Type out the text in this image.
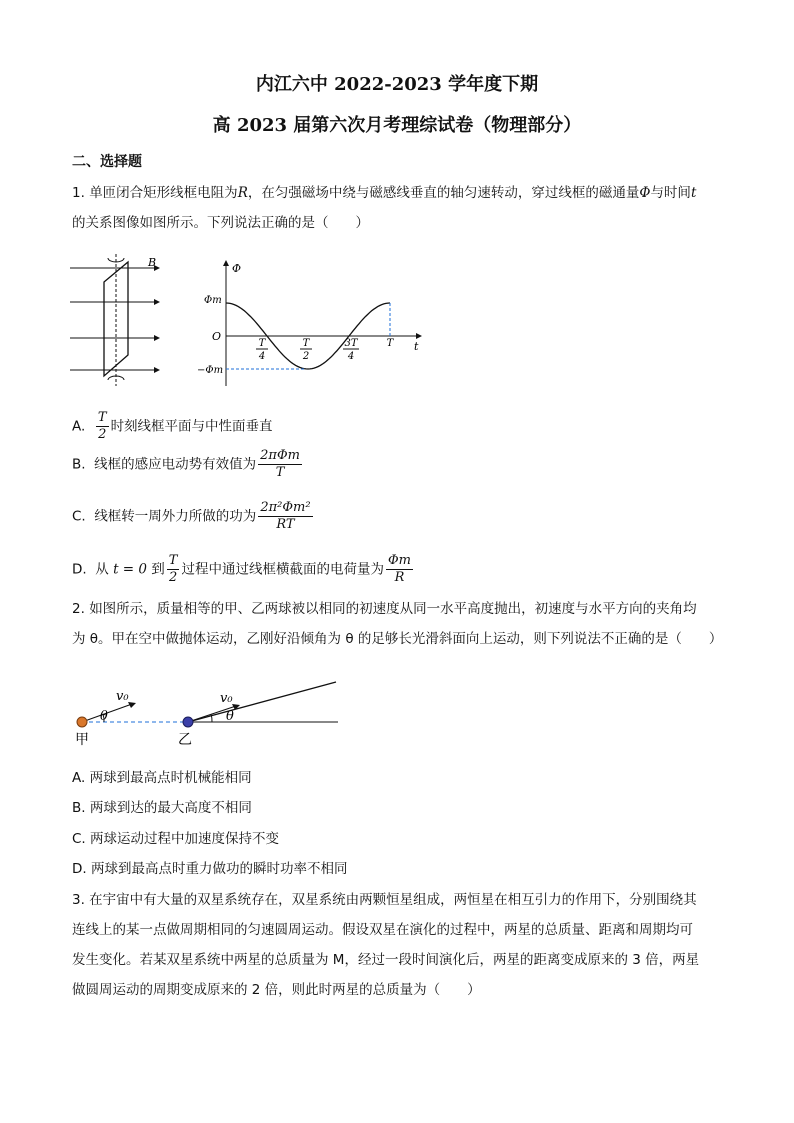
内江六中 2022-2023 学年度下期
高 2023 届第六次月考理综试卷（物理部分）
二、选择题
1. 单匝闭合矩形线框电阻为R，在匀强磁场中绕与磁感线垂直的轴匀速转动，穿过线框的磁通量Φ与时间t
的关系图像如图所示。下列说法正确的是（　　）
B	Φ
t
O
Φm
−Φm
T
4
T
2
3T
4
T
A. $\frac{T}{2}$ 时刻线框平面与中性面垂直
B. 线框的感应电动势有效值为 $\frac{\text{2πΦm}}{T}$
C. 线框转一周外力所做的功为 $\frac{\text{2π²Φm²}}{RT}$
D. 从 t = 0 到 $\frac{T}{2}$ 过程中通过线框横截面的电荷量为 $\frac{\Phi m}{R}$
2. 如图所示，质量相等的甲、乙两球被以相同的初速度从同一水平高度抛出，初速度与水平方向的夹角均
为 θ。甲在空中做抛体运动，乙刚好沿倾角为 θ 的足够长光滑斜面向上运动，则下列说法不正确的是（　　）
v₀	v₀
θ	θ
甲	乙
A. 两球到最高点时机械能相同
B. 两球到达的最大高度不相同
C. 两球运动过程中加速度保持不变
D. 两球到最高点时重力做功的瞬时功率不相同
3. 在宇宙中有大量的双星系统存在，双星系统由两颗恒星组成，两恒星在相互引力的作用下，分别围绕其
连线上的某一点做周期相同的匀速圆周运动。假设双星在演化的过程中，两星的总质量、距离和周期均可
发生变化。若某双星系统中两星的总质量为 M，经过一段时间演化后，两星的距离变成原来的 3 倍，两星
做圆周运动的周期变成原来的 2 倍，则此时两星的总质量为（　　）
